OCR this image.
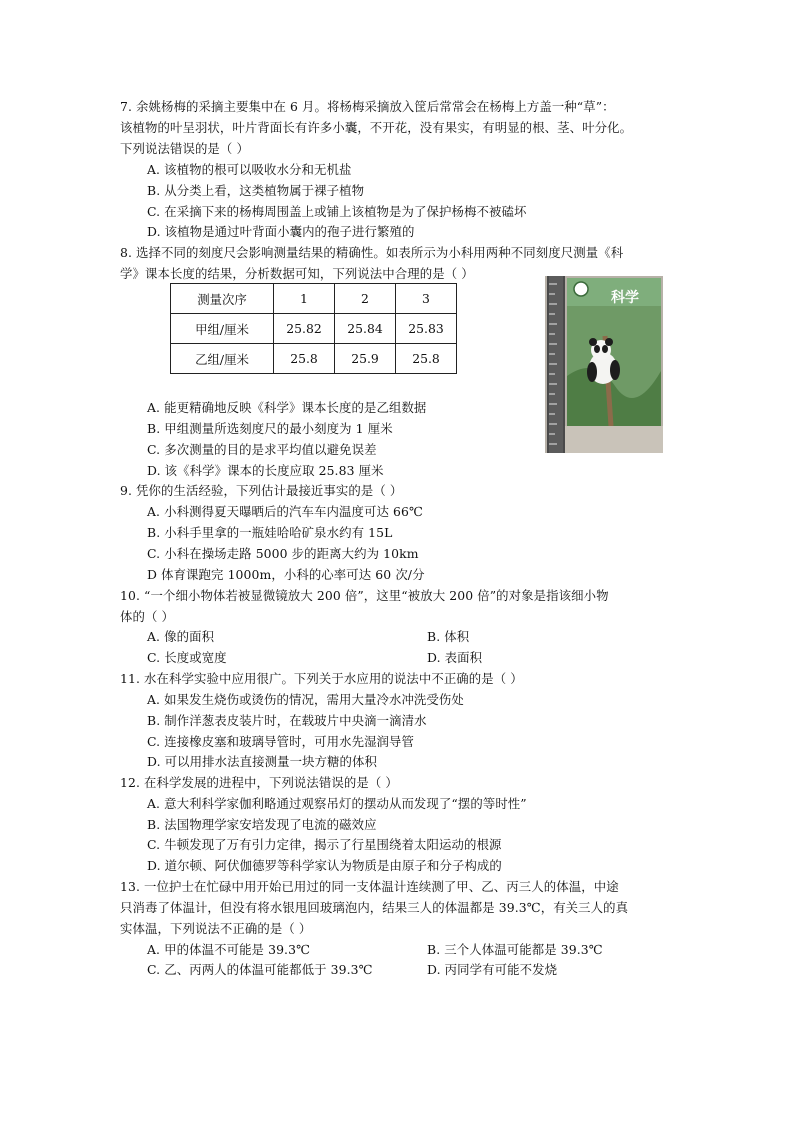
7. 余姚杨梅的采摘主要集中在 6 月。将杨梅采摘放入筐后常常会在杨梅上方盖一种“草”：
该植物的叶呈羽状，叶片背面长有许多小囊，不开花，没有果实，有明显的根、茎、叶分化。
下列说法错误的是（ ）
A. 该植物的根可以吸收水分和无机盐
B. 从分类上看，这类植物属于裸子植物
C. 在采摘下来的杨梅周围盖上或铺上该植物是为了保护杨梅不被磕坏
D. 该植物是通过叶背面小囊内的孢子进行繁殖的
8. 选择不同的刻度尺会影响测量结果的精确性。如表所示为小科用两种不同刻度尺测量《科
学》课本长度的结果，分析数据可知，下列说法中合理的是（ ）
测量次序	1	2	3
甲组/厘米	25.82	25.84	25.83
乙组/厘米	25.8	25.9	25.8
科学
A. 能更精确地反映《科学》课本长度的是乙组数据
B. 甲组测量所选刻度尺的最小刻度为 1 厘米
C. 多次测量的目的是求平均值以避免误差
D. 该《科学》课本的长度应取 25.83 厘米
9. 凭你的生活经验，下列估计最接近事实的是（ ）
A. 小科测得夏天曝晒后的汽车车内温度可达 66℃
B. 小科手里拿的一瓶娃哈哈矿泉水约有 15L
C. 小科在操场走路 5000 步的距离大约为 10km
D 体育课跑完 1000m，小科的心率可达 60 次/分
10. “一个细小物体若被显微镜放大 200 倍”，这里“被放大 200 倍”的对象是指该细小物
体的（ ）
A. 像的面积	B. 体积
C. 长度或宽度	D. 表面积
11. 水在科学实验中应用很广。下列关于水应用的说法中不正确的是（ ）
A. 如果发生烧伤或烫伤的情况，需用大量冷水冲洗受伤处
B. 制作洋葱表皮装片时，在载玻片中央滴一滴清水
C. 连接橡皮塞和玻璃导管时，可用水先湿润导管
D. 可以用排水法直接测量一块方糖的体积
12. 在科学发展的进程中，下列说法错误的是（ ）
A. 意大利科学家伽利略通过观察吊灯的摆动从而发现了“摆的等时性”
B. 法国物理学家安培发现了电流的磁效应
C. 牛顿发现了万有引力定律，揭示了行星围绕着太阳运动的根源
D. 道尔顿、阿伏伽德罗等科学家认为物质是由原子和分子构成的
13. 一位护士在忙碌中用开始已用过的同一支体温计连续测了甲、乙、丙三人的体温，中途
只消毒了体温计，但没有将水银甩回玻璃泡内，结果三人的体温都是 39.3℃，有关三人的真
实体温，下列说法不正确的是（ ）
A. 甲的体温不可能是 39.3℃	B. 三个人体温可能都是 39.3℃
C. 乙、丙两人的体温可能都低于 39.3℃	D. 丙同学有可能不发烧
